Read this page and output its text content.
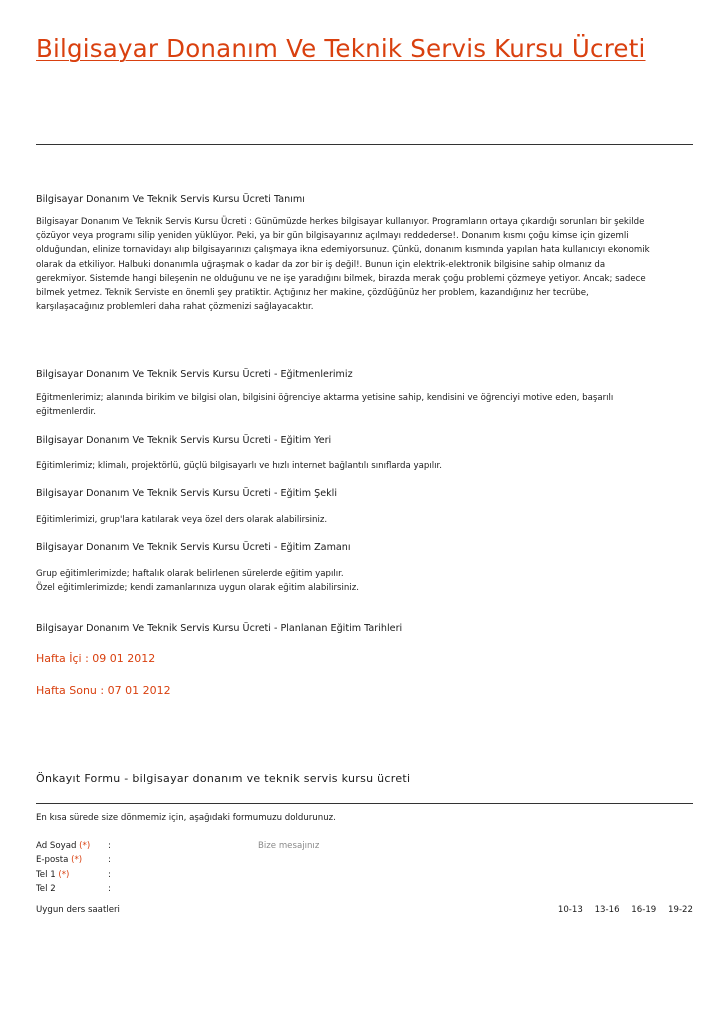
Bilgisayar Donanım Ve Teknik Servis Kursu Ücreti
Bilgisayar Donanım Ve Teknik Servis Kursu Ücreti Tanımı

Bilgisayar Donanım Ve Teknik Servis Kursu Ücreti : Günümüzde herkes bilgisayar kullanıyor. Programların ortaya çıkardığı sorunları bir şekilde

çözüyor veya programı silip yeniden yüklüyor. Peki, ya bir gün bilgisayarınız açılmayı reddederse!. Donanım kısmı çoğu kimse için gizemli

olduğundan, elinize tornavidayı alıp bilgisayarınızı çalışmaya ikna edemiyorsunuz. Çünkü, donanım kısmında yapılan hata kullanıcıyı ekonomik

olarak da etkiliyor. Halbuki donanımla uğraşmak o kadar da zor bir iş değil!. Bunun için elektrik-elektronik bilgisine sahip olmanız da

gerekmiyor. Sistemde hangi bileşenin ne olduğunu ve ne işe yaradığını bilmek, birazda merak çoğu problemi çözmeye yetiyor. Ancak; sadece

bilmek yetmez. Teknik Serviste en önemli şey pratiktir. Açtığınız her makine, çözdüğünüz her problem, kazandığınız her tecrübe,

karşılaşacağınız problemleri daha rahat çözmenizi sağlayacaktır.

Bilgisayar Donanım Ve Teknik Servis Kursu Ücreti - Eğitmenlerimiz

Eğitmenlerimiz; alanında birikim ve bilgisi olan, bilgisini öğrenciye aktarma yetisine sahip, kendisini ve öğrenciyi motive eden, başarılı

eğitmenlerdir.

Bilgisayar Donanım Ve Teknik Servis Kursu Ücreti - Eğitim Yeri

Eğitimlerimiz; klimalı, projektörlü, güçlü bilgisayarlı ve hızlı internet bağlantılı sınıflarda yapılır.

Bilgisayar Donanım Ve Teknik Servis Kursu Ücreti - Eğitim Şekli

Eğitimlerimizi, grup'lara katılarak veya özel ders olarak alabilirsiniz.

Bilgisayar Donanım Ve Teknik Servis Kursu Ücreti - Eğitim Zamanı

Grup eğitimlerimizde; haftalık olarak belirlenen sürelerde eğitim yapılır.

Özel eğitimlerimizde; kendi zamanlarınıza uygun olarak eğitim alabilirsiniz.

Bilgisayar Donanım Ve Teknik Servis Kursu Ücreti - Planlanan Eğitim Tarihleri
Hafta İçi : 09 01 2012
Hafta Sonu : 07 01 2012
Önkayıt Formu - bilgisayar donanım ve teknik servis kursu ücreti
En kısa sürede size dönmemiz için, aşağıdaki formumuzu doldurunuz.
Ad Soyad (*) :	Bize mesajınız
E-posta (*)	:
Tel 1 (*)	:
Tel 2	:
Uygun ders saatleri	10-13 13-16 16-19 19-22
